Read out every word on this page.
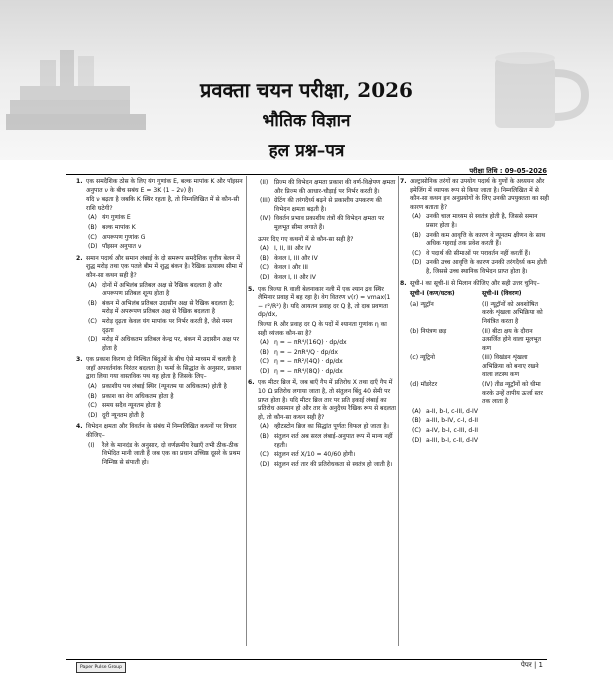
प्रवक्ता चयन परीक्षा, 2026
भौतिक विज्ञान
हल प्रश्न–पत्र
परीक्षा तिथि : 09-05-2026
1. एक समदैशिक ठोस के लिए यंग गुणांक E, बल्क मापांक K और पॉइसन अनुपात ν के बीच सबंध E = 3K (1 – 2ν) है।

यदि ν बढ़ता है जबकि K स्थिर रहता है, तो निम्नलिखित में से कौन-सी राशि घटेगी?

(A) यंग गुणांक E
(B) बल्क मापांक K
(C) अपरूपण गुणांक G
(D) पॉइसन अनुपात ν
2. समान पदार्थ और समान लंबाई के दो समरूप समदैशिक वृत्तीय बेलन में शुद्ध मरोड़ तथा एक पतले बीम में शुद्ध बंकन है। रैखिक प्रत्यास्थ सीमा में कौन-सा कथन सही है?

(A) दोनों में अभिलंब प्रतिबल अक्ष से रैखिक बदलता है और अपरूपण प्रतिबल शून्य होता है
(B) बंकन में अभिलंब प्रतिबल उदासीन अक्ष से रैखिक बदलता है; मरोड़ में अपरूपण प्रतिबल अक्ष से रैखिक बदलता है
(C) मरोड़ दृढ़ता केवल यंग मापांक पर निर्भर करती है, जैसे नमन दृढ़ता
(D) मरोड़ में अधिकतम प्रतिबल केन्द्र पर, बंकन में उदासीन अक्ष पर होता है
3. एक प्रकाश किरण दो निश्चित बिंदुओं के बीच ऐसे माध्यम में चलती है जहाँ अपवर्तनांक निरंतर बदलता है। फर्मा के सिद्धांत के अनुसार, प्रकाश द्वारा लिया गया वास्तविक पथ यह होता है जिसके लिए–

(A) प्रकाशीय पथ लंबाई स्थिर (न्यूनतम या अधिकतम) होती है
(B) प्रकाश का वेग अधिकतम होता है
(C) समय सदैव न्यूनतम होता है
(D) दूरी न्यूनतम होती है
4. विभेदन क्षमता और विवर्तन के संबंध में निम्नलिखित कथनों पर विचार कीजिए–

(I) रैले के मानदंड के अनुसार, दो वर्णक्रमीय रेखाएँ तभी ठीक-ठीक विभेदित मानी जाती हैं जब एक का प्रधान उच्चिष्ठ दूसरे के प्रथम निम्निष्ठ से संपाती हो।
(II) प्रिज्म की विभेदन क्षमता प्रकाश की वर्ण-विक्षेपण क्षमता और प्रिज्म की आधार-चौड़ाई पर निर्भर करती है।
(III) ग्रेटिंग की तरंगदैर्ध्य बढ़ने से प्रकाशीय उपकरण की विभेदन क्षमता बढ़ती है।
(IV) विवर्तन प्रभाव प्रकाशीय तंत्रों की विभेदन क्षमता पर मूलभूत सीमा लगाते हैं।

ऊपर दिए गए कथनों में से कौन-सा सही है?

(A) I, II, III और IV
(B) केवल I, III और IV
(C) केवल I और III
(D) केवल I, II और IV
5. एक त्रिज्या R वाली बेलनाकार नली में एक श्यान द्रव स्थिर लैमिनार प्रवाह में बह रहा है। वेग वितरण v(r) = vmax(1 − r²/R²) है। यदि आयतन प्रवाह दर Q है, तो दाब प्रवणता dp/dx,

त्रिज्या R और प्रवाह दर Q के पदों में श्यानता गुणांक η का सही व्यंजक कौन-सा है?

(A) η = − πR⁴/(16Q) · dp/dx
(B) η = − 2πR⁴/Q · dp/dx
(C) η = − πR²/(4Q) · dp/dx
(D) η = − πR⁴/(8Q) · dp/dx
6. एक मीटर ब्रिज में, जब बाएँ गैप में प्रतिरोध X तथा दाएँ गैप में 10 Ω प्रतिरोध लगाया जाता है, तो संतुलन बिंदु 40 सेमी पर प्राप्त होता है। यदि मीटर ब्रिज तार पर प्रति इकाई लंबाई का प्रतिरोध असमान हो और तार के अनुदैध्य रैखिक रूप से बदलता हो, तो कौन-सा कथन सही है?

(A) व्हीटस्टोन ब्रिज का सिद्धांत पूर्णतः विफल हो जाता है।
(B) संतुलन शर्त अब सरल लंबाई-अनुपात रूप में मान्य नहीं रहती।
(C) संतुलन शर्त X/10 = 40/60 होगी।
(D) संतुलन शर्त तार की प्रतिरोधकता से स्वतंत्र हो जाती है।
7. अल्ट्रासोनिक तरंगों का उपयोग पदार्थ के गुणों के अध्ययन और इमेजिंग में व्यापक रूप से किया जाता है। निम्नलिखित में से कौन-सा कथन इन अनुप्रयोगों के लिए उनकी उपयुक्तता का सही कारण बताता है?

(A) उनकी चाल माध्यम से स्वतंत्र होती है, जिससे समान प्रसार होता है।
(B) उनकी कम आवृत्ति के कारण वे न्यूनतम क्षीणन के साथ अधिक गहराई तक प्रवेश करती हैं।
(C) वे पदार्थ की सीमाओं पर परावर्तन नहीं करतीं हैं।
(D) उनकी उच्च आवृत्ति के कारण उनकी तरंगदैर्ध्य कम होती है, जिससे उच्च स्थानिक विभेदन प्राप्त होता है।
8. सूची-I का सूची-II से मिलान कीजिए और सही उत्तर चुनिए–

सूची-I (कण/घटक)	सूची-II (विवरण)
(a) न्यूट्रॉन	(I) न्यूट्रॉनों को अवशोषित करके शृंखला अभिक्रिया को नियंत्रित करता है
(b) नियंत्रण छड़	(II) बीटा क्षय के दौरान उत्सर्जित होने वाला मूलभूत कण
(c) न्यूट्रिनो	(III) विखंडन शृंखला अभिक्रिया को बनाए रखने वाला लटस्थ कण
(d) मॉडरेटर	(IV) तीव्र न्यूट्रॉनों को धीमा करके उन्हें तापीय ऊर्जा स्तर तक लाता है
(A) a-II, b-I, c-III, d-IV
(B) a-III, b-IV, c-I, d-II
(C) a-IV, b-I, c-III, d-II
(D) a-III, b-I, c-II, d-IV
Paper Pulse Group	पेपर | 1
